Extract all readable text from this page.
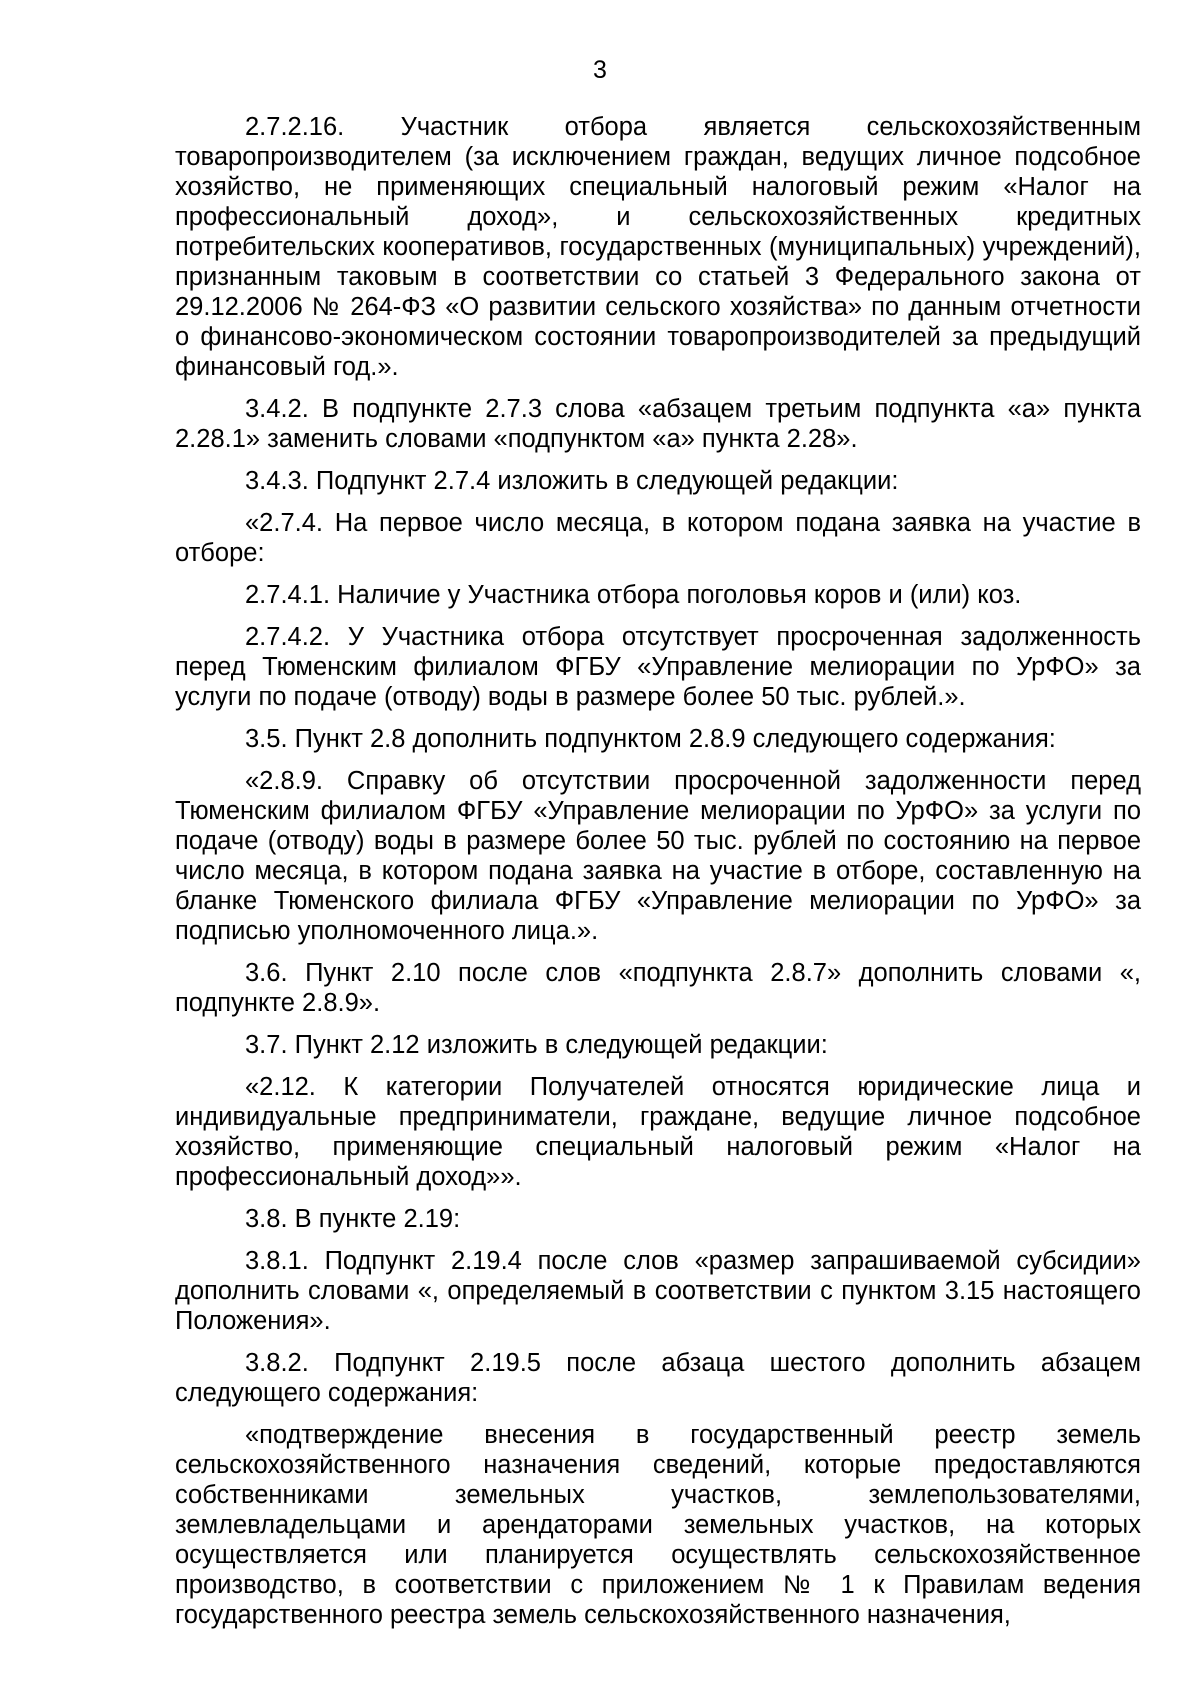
3

2.7.2.16. Участник отбора является сельскохозяйственным товаропроизводителем (за исключением граждан, ведущих личное подсобное хозяйство, не применяющих специальный налоговый режим «Налог на профессиональный доход», и сельскохозяйственных кредитных потребительских кооперативов, государственных (муниципальных) учреждений), признанным таковым в соответствии со статьей 3 Федерального закона от 29.12.2006 № 264-ФЗ «О развитии сельского хозяйства» по данным отчетности о финансово-экономическом состоянии товаропроизводителей за предыдущий финансовый год.».

3.4.2. В подпункте 2.7.3 слова «абзацем третьим подпункта «а» пункта 2.28.1» заменить словами «подпунктом «а» пункта 2.28».

3.4.3. Подпункт 2.7.4 изложить в следующей редакции:

«2.7.4. На первое число месяца, в котором подана заявка на участие в отборе:

2.7.4.1. Наличие у Участника отбора поголовья коров и (или) коз.

2.7.4.2. У Участника отбора отсутствует просроченная задолженность перед Тюменским филиалом ФГБУ «Управление мелиорации по УрФО» за услуги по подаче (отводу) воды в размере более 50 тыс. рублей.».

3.5. Пункт 2.8 дополнить подпунктом 2.8.9 следующего содержания:

«2.8.9. Справку об отсутствии просроченной задолженности перед Тюменским филиалом ФГБУ «Управление мелиорации по УрФО» за услуги по подаче (отводу) воды в размере более 50 тыс. рублей по состоянию на первое число месяца, в котором подана заявка на участие в отборе, составленную на бланке Тюменского филиала ФГБУ «Управление мелиорации по УрФО» за подписью уполномоченного лица.».

3.6. Пункт 2.10 после слов «подпункта 2.8.7» дополнить словами «, подпункте 2.8.9».

3.7. Пункт 2.12 изложить в следующей редакции:

«2.12. К категории Получателей относятся юридические лица и индивидуальные предприниматели, граждане, ведущие личное подсобное хозяйство, применяющие специальный налоговый режим «Налог на профессиональный доход»».

3.8. В пункте 2.19:

3.8.1. Подпункт 2.19.4 после слов «размер запрашиваемой субсидии» дополнить словами «, определяемый в соответствии с пунктом 3.15 настоящего Положения».

3.8.2. Подпункт 2.19.5 после абзаца шестого дополнить абзацем следующего содержания:

«подтверждение внесения в государственный реестр земель сельскохозяйственного назначения сведений, которые предоставляются собственниками земельных участков, землепользователями, землевладельцами и арендаторами земельных участков, на которых осуществляется или планируется осуществлять сельскохозяйственное производство, в соответствии с приложением № 1 к Правилам ведения государственного реестра земель сельскохозяйственного назначения,
